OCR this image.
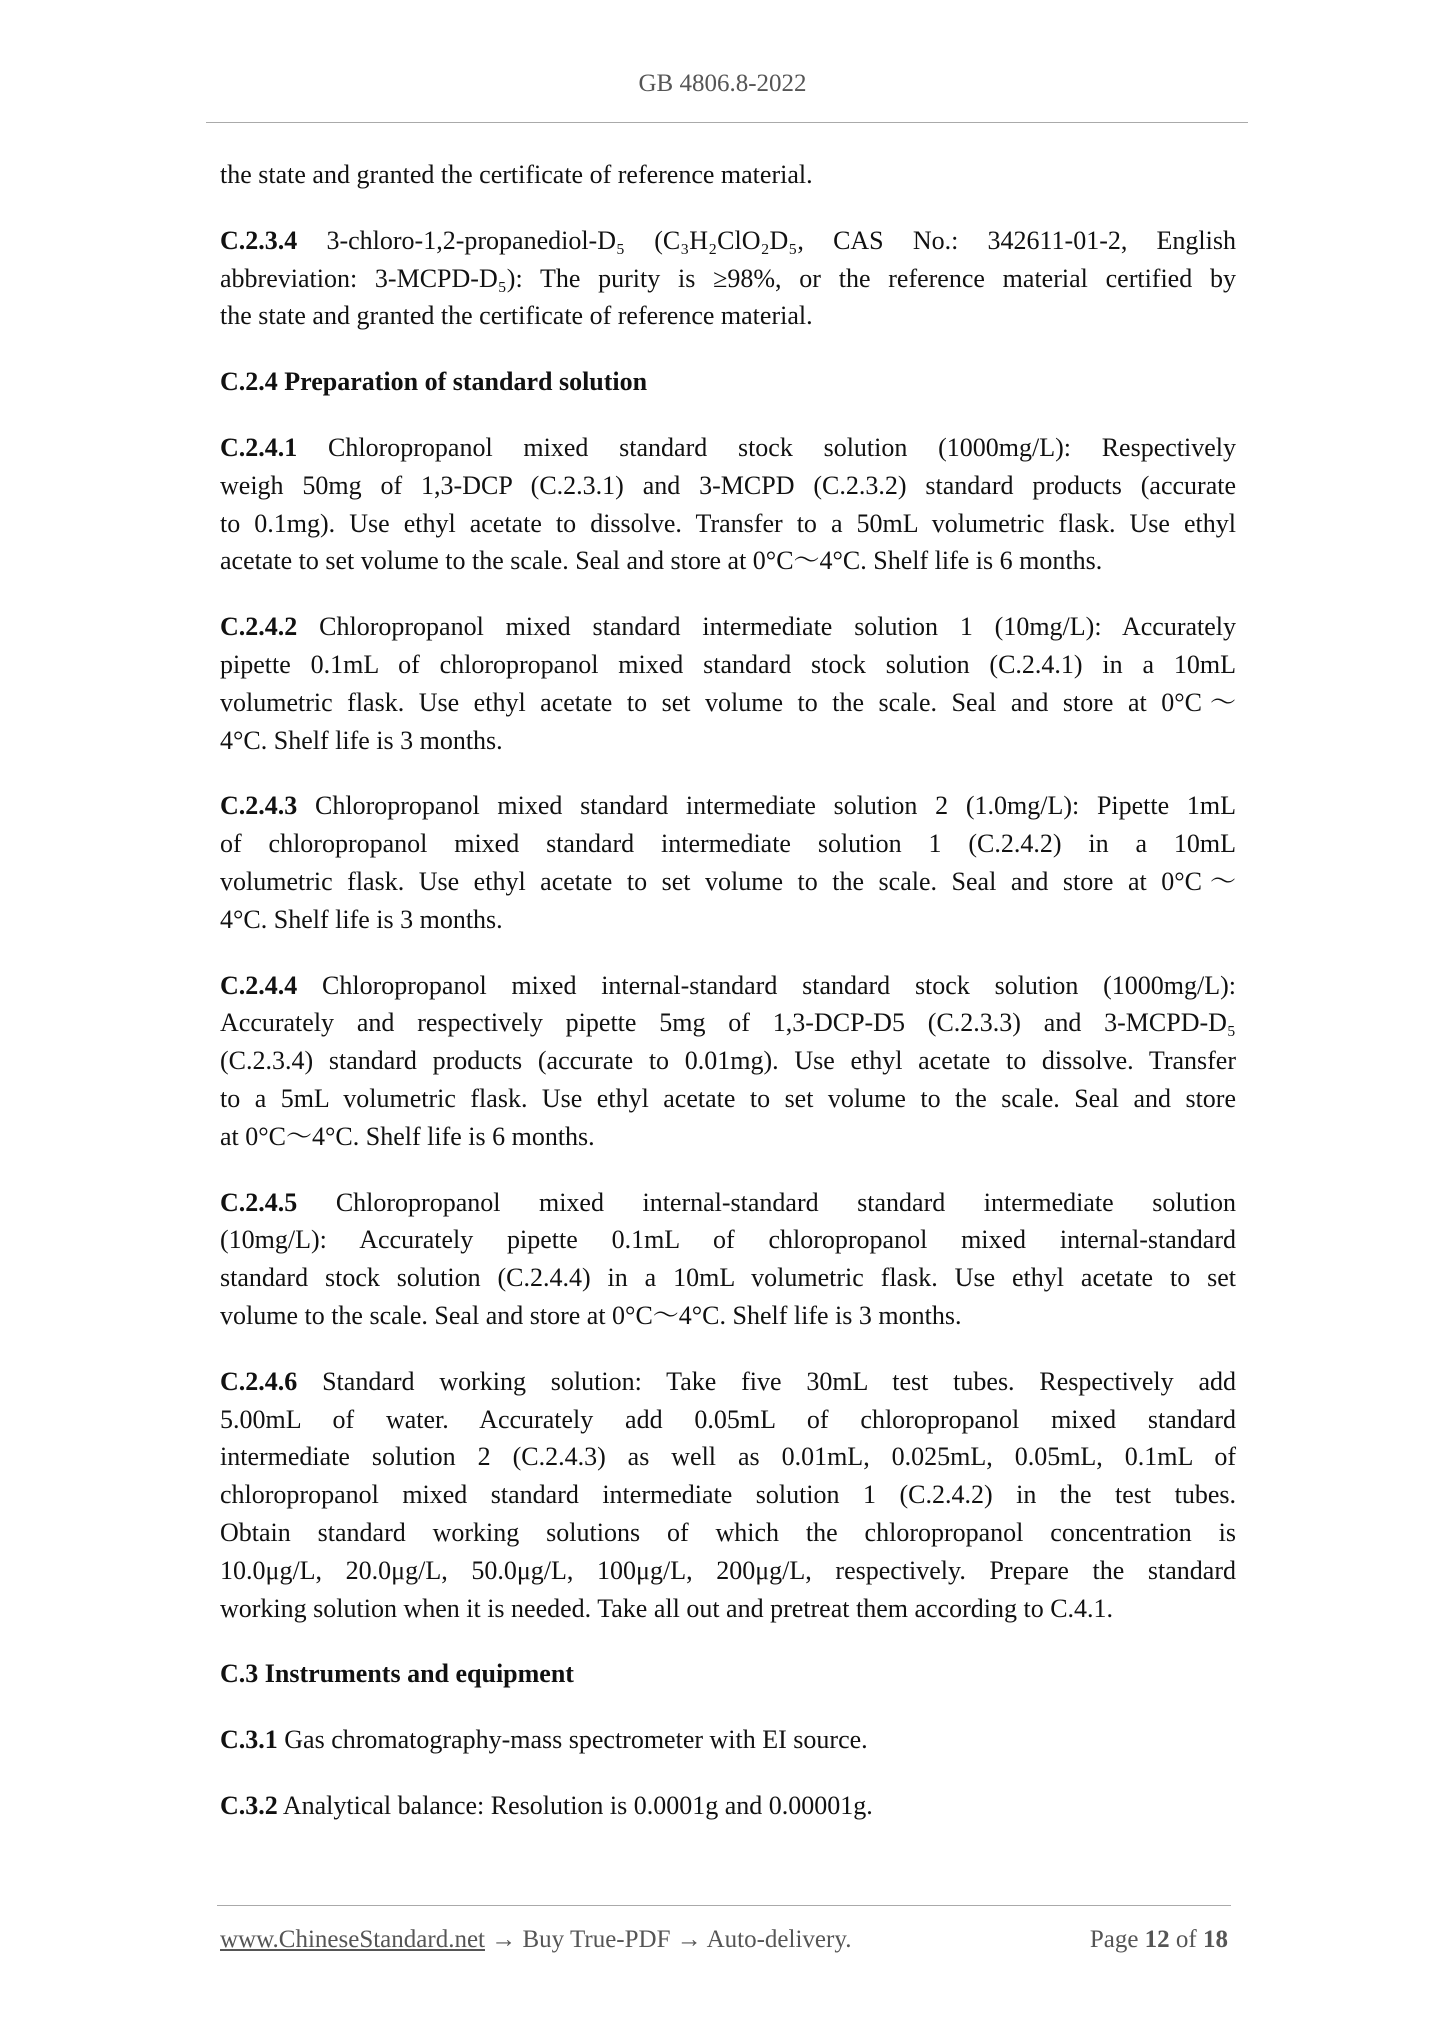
GB 4806.8-2022
the state and granted the certificate of reference material.
C.2.3.4 3-chloro-1,2-propanediol-D₅ (C₃H₂ClO₂D₅, CAS No.: 342611-01-2, English
abbreviation: 3-MCPD-D₅): The purity is ≥98%, or the reference material certified by
the state and granted the certificate of reference material.
C.2.4 Preparation of standard solution
C.2.4.1 Chloropropanol mixed standard stock solution (1000mg/L): Respectively
weigh 50mg of 1,3-DCP (C.2.3.1) and 3-MCPD (C.2.3.2) standard products (accurate
to 0.1mg). Use ethyl acetate to dissolve. Transfer to a 50mL volumetric flask. Use ethyl
acetate to set volume to the scale. Seal and store at 0°C～4°C. Shelf life is 6 months.
C.2.4.2 Chloropropanol mixed standard intermediate solution 1 (10mg/L): Accurately
pipette 0.1mL of chloropropanol mixed standard stock solution (C.2.4.1) in a 10mL
volumetric flask. Use ethyl acetate to set volume to the scale. Seal and store at 0°C～
4°C. Shelf life is 3 months.
C.2.4.3 Chloropropanol mixed standard intermediate solution 2 (1.0mg/L): Pipette 1mL
of chloropropanol mixed standard intermediate solution 1 (C.2.4.2) in a 10mL
volumetric flask. Use ethyl acetate to set volume to the scale. Seal and store at 0°C～
4°C. Shelf life is 3 months.
C.2.4.4 Chloropropanol mixed internal-standard standard stock solution (1000mg/L):
Accurately and respectively pipette 5mg of 1,3-DCP-D5 (C.2.3.3) and 3-MCPD-D₅
(C.2.3.4) standard products (accurate to 0.01mg). Use ethyl acetate to dissolve. Transfer
to a 5mL volumetric flask. Use ethyl acetate to set volume to the scale. Seal and store
at 0°C～4°C. Shelf life is 6 months.
C.2.4.5 Chloropropanol mixed internal-standard standard intermediate solution
(10mg/L): Accurately pipette 0.1mL of chloropropanol mixed internal-standard
standard stock solution (C.2.4.4) in a 10mL volumetric flask. Use ethyl acetate to set
volume to the scale. Seal and store at 0°C～4°C. Shelf life is 3 months.
C.2.4.6 Standard working solution: Take five 30mL test tubes. Respectively add
5.00mL of water. Accurately add 0.05mL of chloropropanol mixed standard
intermediate solution 2 (C.2.4.3) as well as 0.01mL, 0.025mL, 0.05mL, 0.1mL of
chloropropanol mixed standard intermediate solution 1 (C.2.4.2) in the test tubes.
Obtain standard working solutions of which the chloropropanol concentration is
10.0μg/L, 20.0μg/L, 50.0μg/L, 100μg/L, 200μg/L, respectively. Prepare the standard
working solution when it is needed. Take all out and pretreat them according to C.4.1.
C.3 Instruments and equipment
C.3.1 Gas chromatography-mass spectrometer with EI source.
C.3.2 Analytical balance: Resolution is 0.0001g and 0.00001g.
www.ChineseStandard.net → Buy True-PDF → Auto-delivery.	Page 12 of 18
